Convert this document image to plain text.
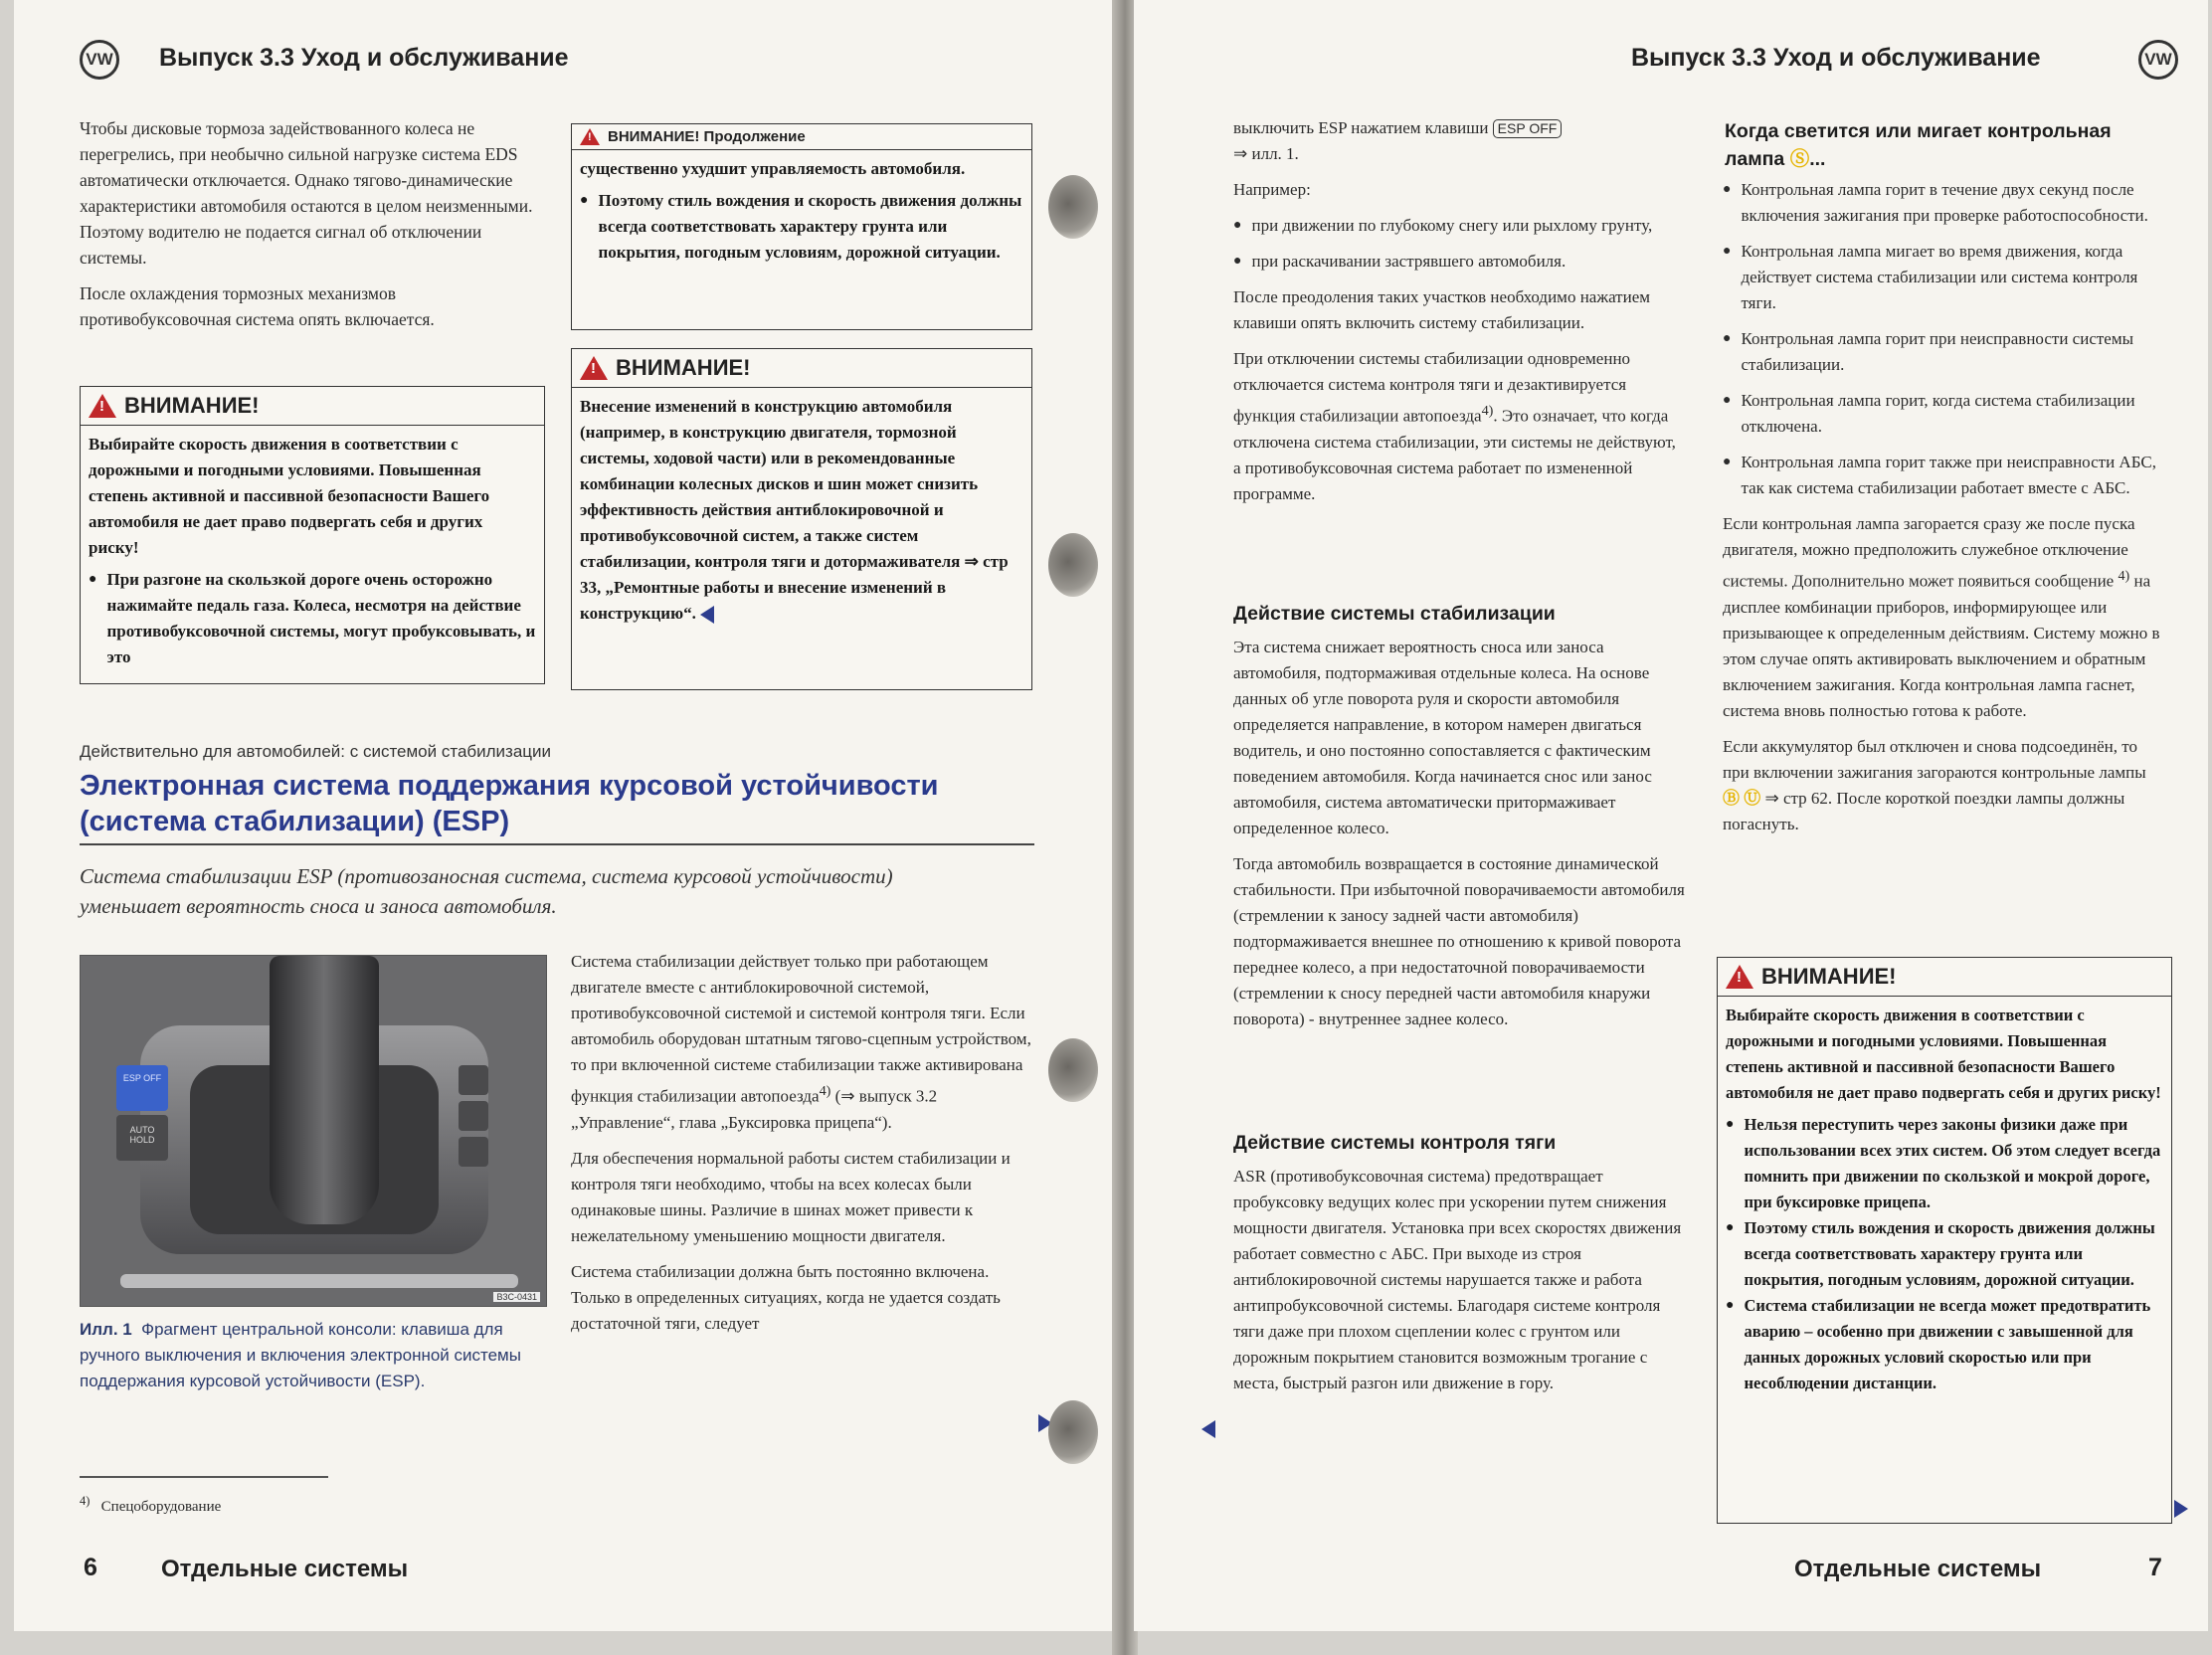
VW Выпуск 3.3 Уход и обслуживание

Чтобы дисковые тормоза задействованного колеса не перегрелись, при необычно сильной нагрузке система EDS автоматически отключается. Однако тягово-динамические характеристики автомобиля остаются в целом неизменными. Поэтому водителю не подается сигнал об отключении системы.

После охлаждения тормозных механизмов противобуксовочная система опять включается.

!
ВНИМАНИЕ!

Выбирайте скорость движения в соответствии с дорожными и погодными условиями. Повышенная степень активной и пассивной безопасности Вашего автомобиля не дает право подвергать себя и других риску!

● При разгоне на скользкой дороге очень осторожно нажимайте педаль газа. Колеса, несмотря на действие противобуксовочной системы, могут пробуксовывать, и это
!
ВНИМАНИЕ! Продолжение

существенно ухудшит управляемость автомобиля.

● Поэтому стиль вождения и скорость движения должны всегда соответствовать характеру грунта или покрытия, погодным условиям, дорожной ситуации.
!
ВНИМАНИЕ!

Внесение изменений в конструкцию автомобиля (например, в конструкцию двигателя, тормозной системы, ходовой части) или в рекомендованные комбинации колесных дисков и шин может снизить эффективность действия антиблокировочной и противобуксовочной систем, а также систем стабилизации, контроля тяги и дотормаживателя ⇒ стр 33, „Ремонтные работы и внесение изменений в конструкцию“.

Действительно для автомобилей: с системой стабилизации
Электронная система поддержания курсовой устойчивости
(система стабилизации) (ESP)
Система стабилизации ESP (противозаносная система, система курсовой устойчивости) уменьшает вероятность сноса и заноса автомобиля.
ESP OFF
AUTO HOLD
B3C-0431
Илл. 1 Фрагмент центральной консоли: клавиша для ручного выключения и включения электронной системы поддержания курсовой устойчивости (ESP).

Система стабилизации действует только при работающем двигателе вместе с антиблокировочной системой, противобуксовочной системой и системой контроля тяги. Если автомобиль оборудован штатным тягово-сцепным устройством, то при включенной системе стабилизации также активирована функция стабилизации автопоезда$^{4)}$ (⇒ выпуск 3.2 „Управление“, глава „Буксировка прицепа“).

Для обеспечения нормальной работы систем стабилизации и контроля тяги необходимо, чтобы на всех колесах были одинаковые шины. Различие в шинах может привести к нежелательному уменьшению мощности двигателя.

Система стабилизации должна быть постоянно включена. Только в определенных ситуациях, когда не удается создать достаточной тяги, следует

$^{4)}$ Спецоборудование
6	Отдельные системы
Выпуск 3.3 Уход и обслуживание	VW

выключить ESP нажатием клавиши ESP OFF
⇒ илл. 1.

Например:

● при движении по глубокому снегу или рыхлому грунту,

● при раскачивании застрявшего автомобиля.

После преодоления таких участков необходимо нажатием клавиши опять включить систему стабилизации.

При отключении системы стабилизации одновременно отключается система контроля тяги и дезактивируется функция стабилизации автопоезда$^{4)}$. Это означает, что когда отключена система стабилизации, эти системы не действуют, а противобуксовочная система работает по измененной программе.

Действие системы стабилизации

Эта система снижает вероятность сноса или заноса автомобиля, подтормаживая отдельные колеса. На основе данных об угле поворота руля и скорости автомобиля определяется направление, в котором намерен двигаться водитель, и оно постоянно сопоставляется с фактическим поведением автомобиля. Когда начинается снос или занос автомобиля, система автоматически притормаживает определенное колесо.

Тогда автомобиль возвращается в состояние динамической стабильности. При избыточной поворачиваемости автомобиля (стремлении к заносу задней части автомобиля) подтормаживается внешнее по отношению к кривой поворота переднее колесо, а при недостаточной поворачиваемости (стремлении к сносу передней части автомобиля кнаружи поворота) - внутреннее заднее колесо.

Действие системы контроля тяги

ASR (противобуксовочная система) предотвращает пробуксовку ведущих колес при ускорении путем снижения мощности двигателя. Установка при всех скоростях движения работает совместно с АБС. При выходе из строя антиблокировочной системы нарушается также и работа антипробуксовочной системы. Благодаря системе контроля тяги даже при плохом сцеплении колес с грунтом или дорожным покрытием становится возможным трогание с места, быстрый разгон или движение в гору.

Когда светится или мигает контрольная лампа Ⓢ...

● Контрольная лампа горит в течение двух секунд после включения зажигания при проверке работоспособности.

● Контрольная лампа мигает во время движения, когда действует система стабилизации или система контроля тяги.

● Контрольная лампа горит при неисправности системы стабилизации.

● Контрольная лампа горит, когда система стабилизации отключена.

● Контрольная лампа горит также при неисправности АБС, так как система стабилизации работает вместе с АБС.

Если контрольная лампа загорается сразу же после пуска двигателя, можно предположить служебное отключение системы. Дополнительно может появиться сообщение $^{4)}$ на дисплее комбинации приборов, информирующее или призывающее к определенным действиям. Систему можно в этом случае опять активировать выключением и обратным включением зажигания. Когда контрольная лампа гаснет, система вновь полностью готова к работе.

Если аккумулятор был отключен и снова подсоединён, то при включении зажигания загораются контрольные лампы Ⓑ Ⓤ ⇒ стр 62. После короткой поездки лампы должны погаснуть.

!
ВНИМАНИЕ!

Выбирайте скорость движения в соответствии с дорожными и погодными условиями. Повышенная степень активной и пассивной безопасности Вашего автомобиля не дает право подвергать себя и других риску!

● Нельзя переступить через законы физики даже при использовании всех этих систем. Об этом следует всегда помнить при движении по скользкой и мокрой дороге, при буксировке прицепа.
● Поэтому стиль вождения и скорость движения должны всегда соответствовать характеру грунта или покрытия, погодным условиям, дорожной ситуации.
● Система стабилизации не всегда может предотвратить аварию – особенно при движении с завышенной для данных дорожных условий скоростью или при несоблюдении дистанции.
Отдельные системы	7
